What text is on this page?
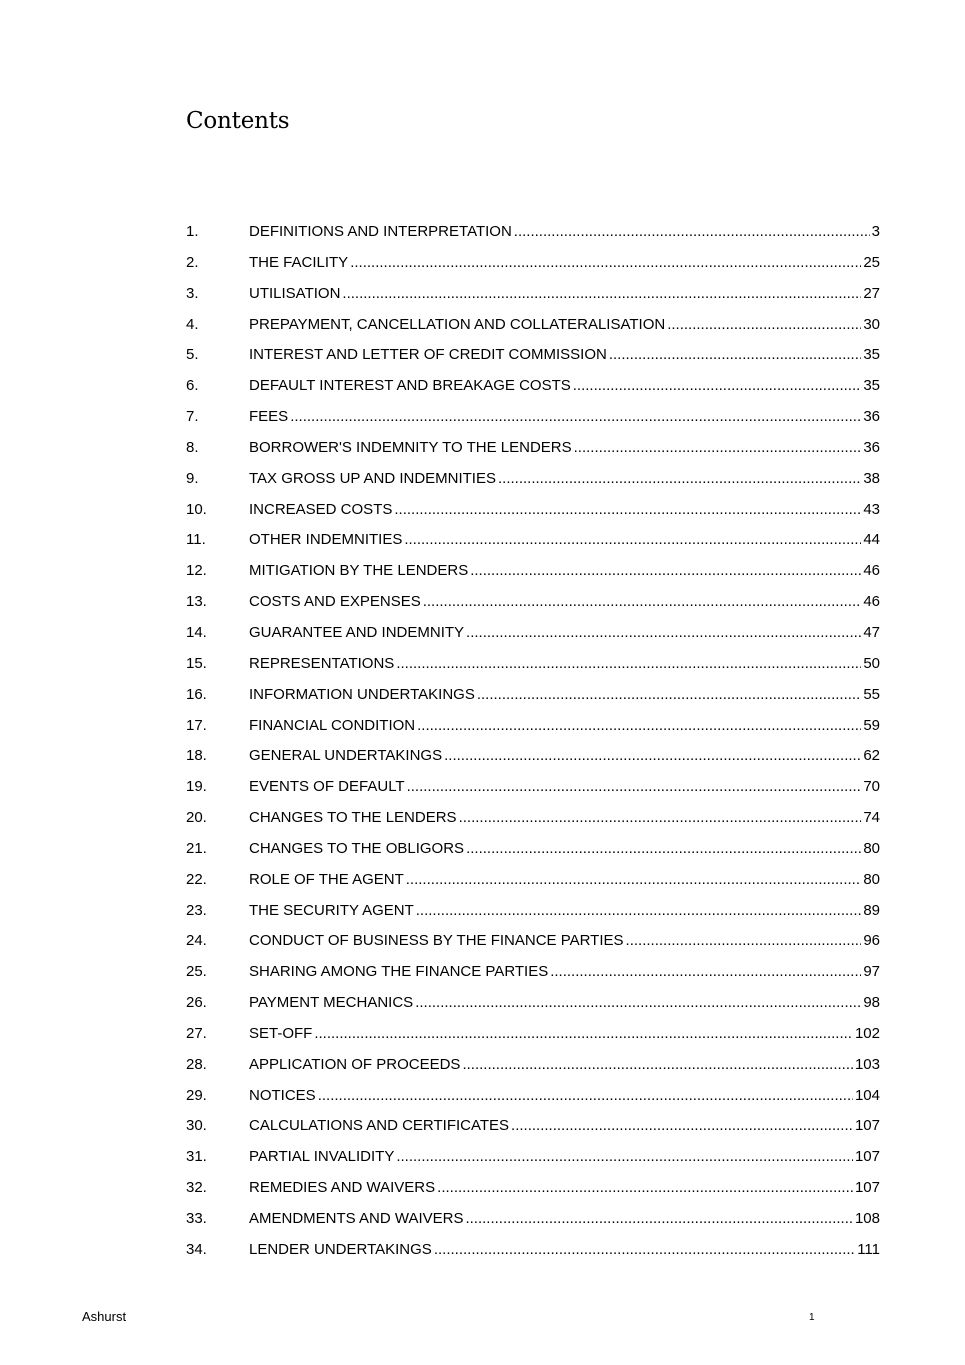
Contents
1.	DEFINITIONS AND INTERPRETATION .....	3
2.	THE FACILITY .....	25
3.	UTILISATION .....	27
4.	PREPAYMENT, CANCELLATION AND COLLATERALISATION .....	30
5.	INTEREST AND LETTER OF CREDIT COMMISSION .....	35
6.	DEFAULT INTEREST AND BREAKAGE COSTS .....	35
7.	FEES .....	36
8.	BORROWER'S INDEMNITY TO THE LENDERS .....	36
9.	TAX GROSS UP AND INDEMNITIES .....	38
10.	INCREASED COSTS .....	43
11.	OTHER INDEMNITIES .....	44
12.	MITIGATION BY THE LENDERS .....	46
13.	COSTS AND EXPENSES .....	46
14.	GUARANTEE AND INDEMNITY .....	47
15.	REPRESENTATIONS .....	50
16.	INFORMATION UNDERTAKINGS .....	55
17.	FINANCIAL CONDITION .....	59
18.	GENERAL UNDERTAKINGS .....	62
19.	EVENTS OF DEFAULT .....	70
20.	CHANGES TO THE LENDERS .....	74
21.	CHANGES TO THE OBLIGORS .....	80
22.	ROLE OF THE AGENT .....	80
23.	THE SECURITY AGENT .....	89
24.	CONDUCT OF BUSINESS BY THE FINANCE PARTIES .....	96
25.	SHARING AMONG THE FINANCE PARTIES .....	97
26.	PAYMENT MECHANICS .....	98
27.	SET-OFF .....	102
28.	APPLICATION OF PROCEEDS .....	103
29.	NOTICES .....	104
30.	CALCULATIONS AND CERTIFICATES .....	107
31.	PARTIAL INVALIDITY .....	107
32.	REMEDIES AND WAIVERS .....	107
33.	AMENDMENTS AND WAIVERS .....	108
34.	LENDER UNDERTAKINGS .....	111
Ashurst	1
